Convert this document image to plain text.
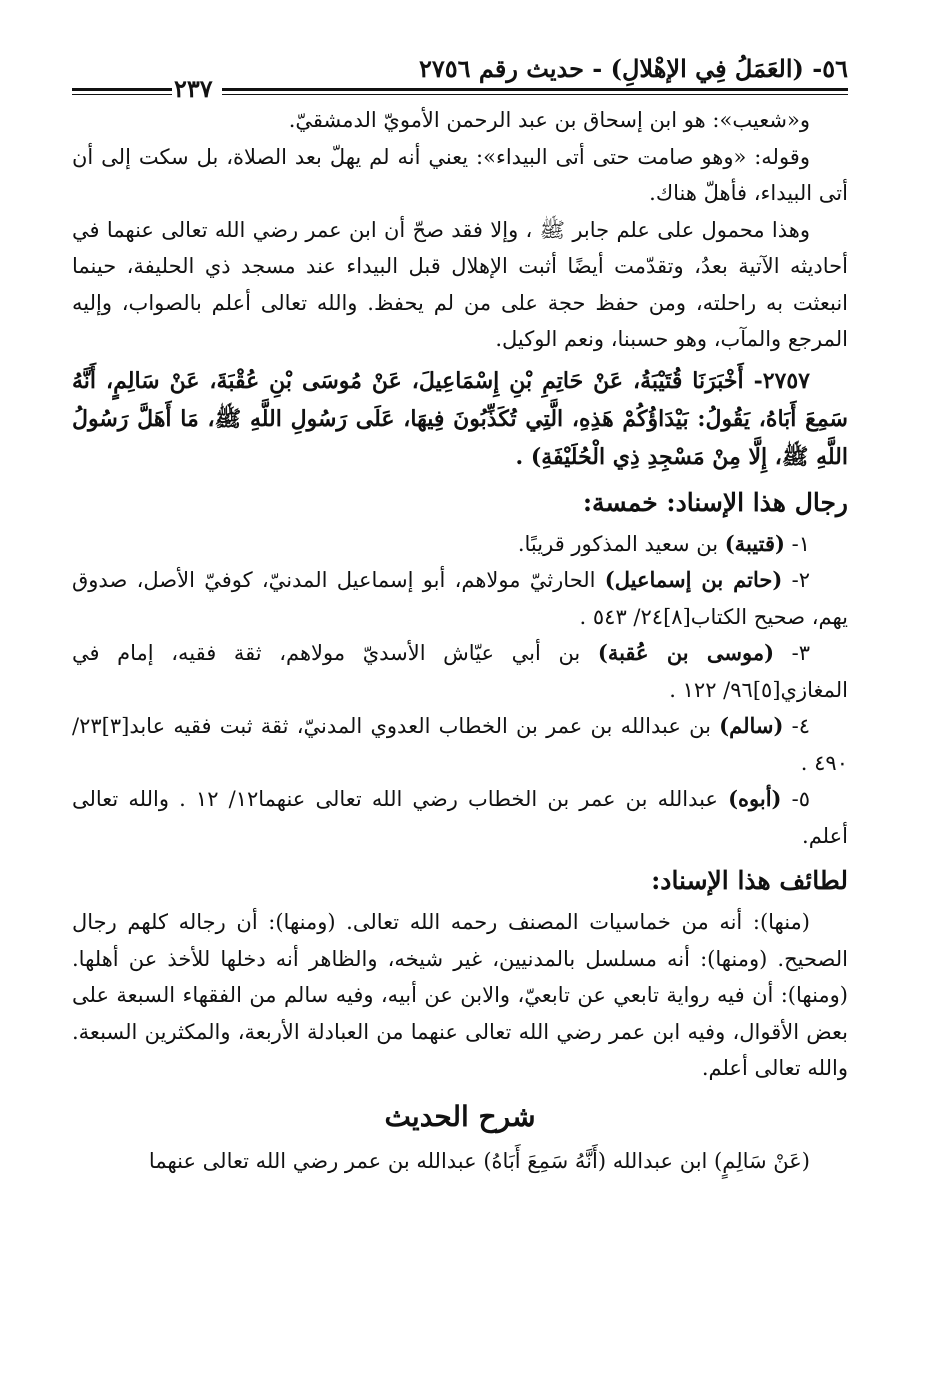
٥٦- (العَمَلُ فِي الإهْلالِ) - حديث رقم ٢٧٥٦
٢٣٧

و«شعيب»: هو ابن إسحاق بن عبد الرحمن الأمويّ الدمشقيّ.

وقوله: «وهو صامت حتى أتى البيداء»: يعني أنه لم يهلّ بعد الصلاة، بل سكت إلى أن أتى البيداء، فأهلّ هناك.

وهذا محمول على علم جابر ﷺ ، وإلا فقد صحّ أن ابن عمر رضي الله تعالى عنهما في أحاديثه الآتية بعدُ، وتقدّمت أيضًا أثبت الإهلال قبل البيداء عند مسجد ذي الحليفة، حينما انبعثت به راحلته، ومن حفظ حجة على من لم يحفظ. والله تعالى أعلم بالصواب، وإليه المرجع والمآب، وهو حسبنا، ونعم الوكيل.

٢٧٥٧- أَخْبَرَنَا قُتَيْبَةُ، عَنْ حَاتِمِ بْنِ إِسْمَاعِيلَ، عَنْ مُوسَى بْنِ عُقْبَةَ، عَنْ سَالِمٍ، أَنَّهُ سَمِعَ أَبَاهُ، يَقُولُ: بَيْدَاؤُكُمْ هَذِهِ، الَّتِي تُكَذِّبُونَ فِيهَا، عَلَى رَسُولِ اللَّهِ ﷺ، مَا أَهَلَّ رَسُولُ اللَّهِ ﷺ، إِلَّا مِنْ مَسْجِدِ ذِي الْحُلَيْفَةِ) .

رجال هذا الإسناد: خمسة:

١- (قتيبة) بن سعيد المذكور قريبًا.

٢- (حاتم بن إسماعيل) الحارثيّ مولاهم، أبو إسماعيل المدنيّ، كوفيّ الأصل، صدوق يهم، صحيح الكتاب[٨]٢٤/ ٥٤٣ .

٣- (موسى بن عُقبة) بن أبي عيّاش الأسديّ مولاهم، ثقة فقيه، إمام في المغازي[٥]٩٦/ ١٢٢ .

٤- (سالم) بن عبدالله بن عمر بن الخطاب العدوي المدنيّ، ثقة ثبت فقيه عابد[٣]٢٣/ ٤٩٠ .

٥- (أبوه) عبدالله بن عمر بن الخطاب رضي الله تعالى عنهما١٢/ ١٢ . والله تعالى أعلم.

لطائف هذا الإسناد:

(منها): أنه من خماسيات المصنف رحمه الله تعالى. (ومنها): أن رجاله كلهم رجال الصحيح. (ومنها): أنه مسلسل بالمدنيين، غير شيخه، والظاهر أنه دخلها للأخذ عن أهلها. (ومنها): أن فيه رواية تابعي عن تابعيّ، والابن عن أبيه، وفيه سالم من الفقهاء السبعة على بعض الأقوال، وفيه ابن عمر رضي الله تعالى عنهما من العبادلة الأربعة، والمكثرين السبعة. والله تعالى أعلم.

شرح الحديث

(عَنْ سَالِمٍ) ابن عبدالله (أَنَّهُ سَمِعَ أَبَاهُ) عبدالله بن عمر رضي الله تعالى عنهما
